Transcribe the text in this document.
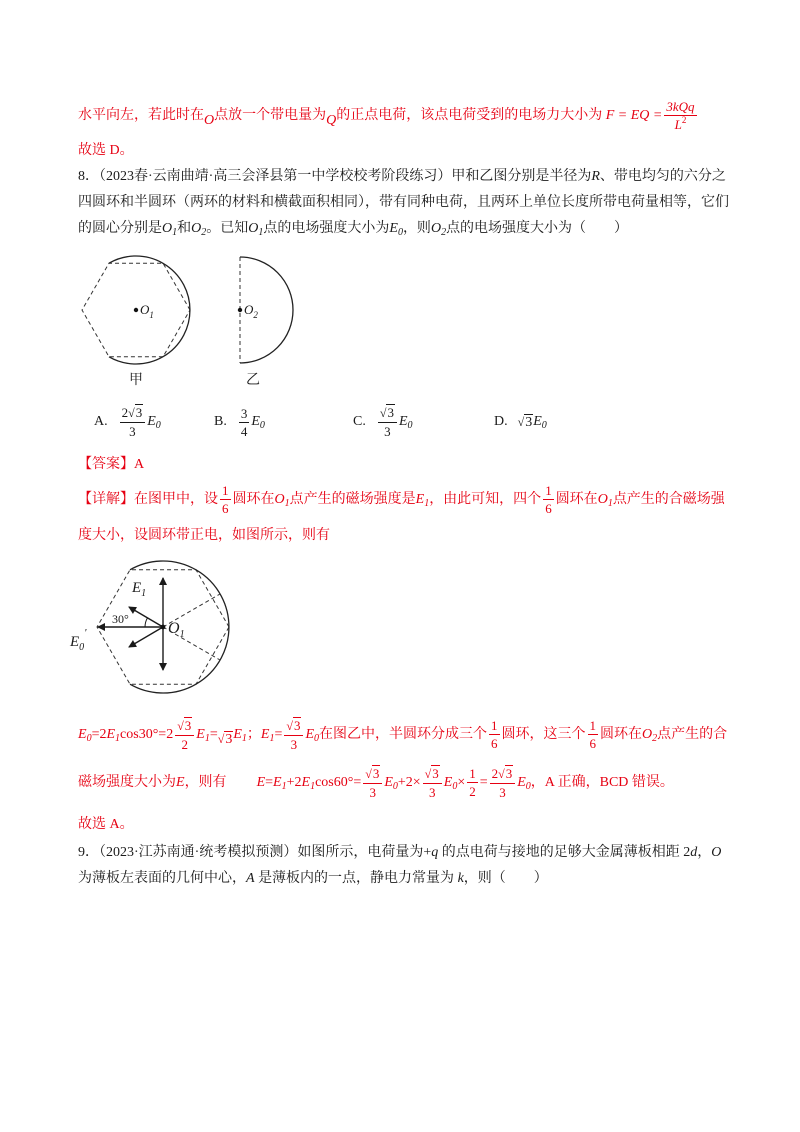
水平向左，若此时在O点放一个带电量为Q的正点电荷，该点电荷受到的电场力大小为 F = EQ = $\frac{\text{3kQq}}{L^2}$
故选 D。
8．（2023春·云南曲靖·高三会泽县第一中学校校考阶段练习）甲和乙图分别是半径为R、带电均匀的六分之四圆环和半圆环（两环的材料和横截面积相同），带有同种电荷，且两环上单位长度所带电荷量相等，它们的圆心分别是$O_1$和$O_2$。已知$O_1$点的电场强度大小为$E_0$，则$O_2$点的电场强度大小为（　　）
$O_1$	$O_2$
甲	乙
A. $\frac{2√3}{3} E_0$	B. $\frac{3}{4} E_0$	C. $\frac{√3}{3} E_0$	D. √ 3 $E_0$
【答案】A
【详解】在图甲中，设 $\frac{1}{6}$ 圆环在$O_1$点产生的磁场强度是$E_1$，由此可知，四个 $\frac{1}{6}$ 圆环在$O_1$点产生的合磁场强度大小，设圆环带正电，如图所示，则有
$E_1$
30°
$O_1$
$E_0'$
$E_0=2E_1\cos 30^\circ=2 \frac{√3}{2} E_1=√3E_1$；$E_1= \frac{√3}{3} E_0$在图乙中，半圆环分成三个 $\frac{1}{6}$ 圆环，这三个 $\frac{1}{6}$ 圆环在$O_2$点产生的合磁场强度大小为E，则有 $E=E_1+2E_1\cos 60^\circ= \frac{√3}{3} E_0+2\times \frac{√3}{3} E_0\times \frac{1}{2} = \frac{2√3}{3} E_0$，A 正确，BCD 错误。
故选 A。
9．（2023·江苏南通·统考模拟预测）如图所示，电荷量为+q 的点电荷与接地的足够大金属薄板相距 2d，O 为薄板左表面的几何中心，A 是薄板内的一点，静电力常量为 k，则（　　）
